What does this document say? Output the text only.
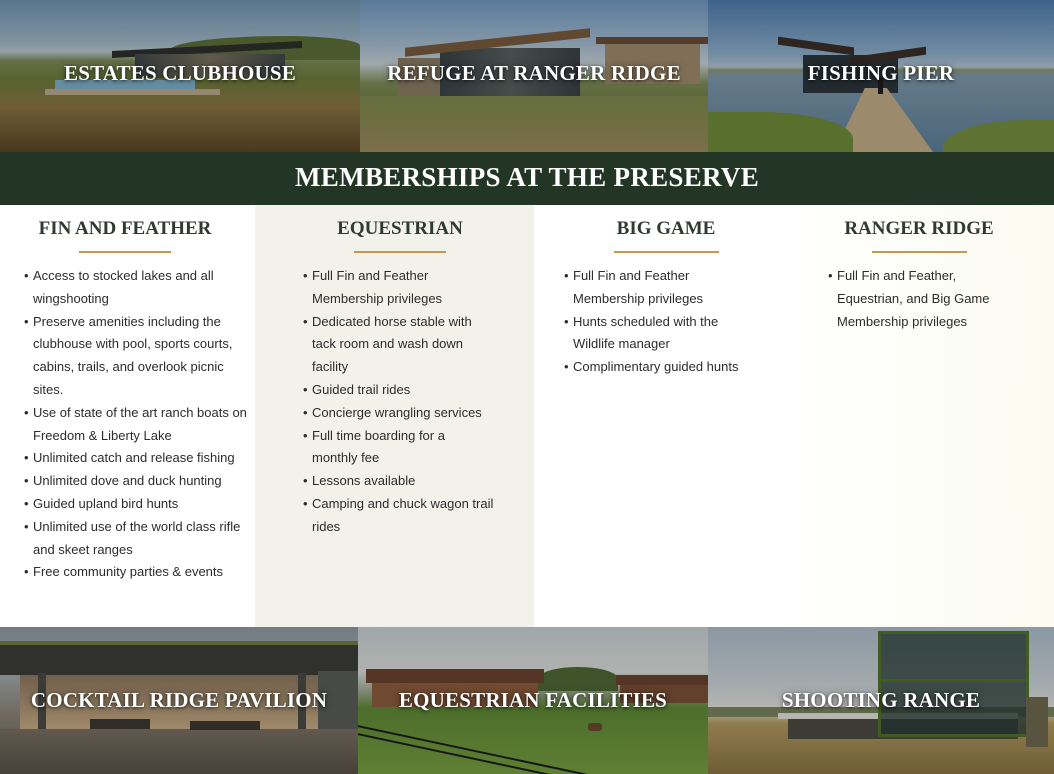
ESTATES CLUBHOUSE	REFUGE AT RANGER RIDGE	FISHING PIER
MEMBERSHIPS AT THE PRESERVE
FIN AND FEATHER
• Access to stocked lakes and all wingshooting
• Preserve amenities including the clubhouse with pool, sports courts, cabins, trails, and overlook picnic sites.
• Use of state of the art ranch boats on Freedom & Liberty Lake
• Unlimited catch and release fishing
• Unlimited dove and duck hunting
• Guided upland bird hunts
• Unlimited use of the world class rifle and skeet ranges
• Free community parties & events
EQUESTRIAN
• Full Fin and Feather Membership privileges
• Dedicated horse stable with tack room and wash down facility
• Guided trail rides
• Concierge wrangling services
• Full time boarding for a monthly fee
• Lessons available
• Camping and chuck wagon trail rides
BIG GAME
• Full Fin and Feather Membership privileges
• Hunts scheduled with the Wildlife manager
• Complimentary guided hunts
RANGER RIDGE
• Full Fin and Feather, Equestrian, and Big Game Membership privileges
COCKTAIL RIDGE PAVILION	EQUESTRIAN FACILITIES	SHOOTING RANGE
